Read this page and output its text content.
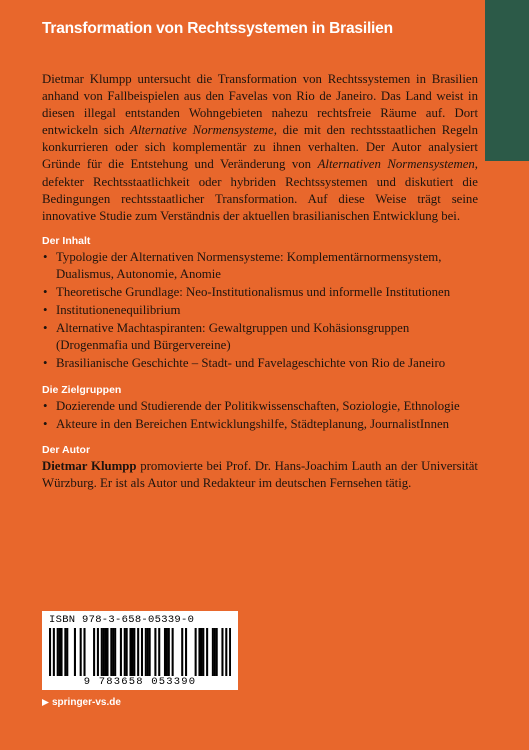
Transformation von Rechtssystemen in Brasilien

Dietmar Klumpp untersucht die Transformation von Rechtssystemen in Brasilien anhand von Fallbeispielen aus den Favelas von Rio de Janeiro. Das Land weist in diesen illegal entstanden Wohngebieten nahezu rechtsfreie Räume auf. Dort entwickeln sich Alternative Normensysteme, die mit den rechtsstaatlichen Regeln konkurrieren oder sich komplementär zu ihnen verhalten. Der Autor analysiert Gründe für die Entstehung und Veränderung von Alternativen Normensystemen, defekter Rechtsstaatlichkeit oder hybriden Rechtssystemen und diskutiert die Bedingungen rechtsstaatlicher Transformation. Auf diese Weise trägt seine innovative Studie zum Verständnis der aktuellen brasilianischen Entwicklung bei.

Der Inhalt
• Typologie der Alternativen Normensysteme: Komplementärnormensystem, Dualismus, Autonomie, Anomie
• Theoretische Grundlage: Neo-Institutionalismus und informelle Institutionen
• Institutionenequilibrium
• Alternative Machtaspiranten: Gewaltgruppen und Kohäsionsgruppen (Drogenmafia und Bürgervereine)
• Brasilianische Geschichte – Stadt- und Favelageschichte von Rio de Janeiro
Die Zielgruppen
• Dozierende und Studierende der Politikwissenschaften, Soziologie, Ethnologie
• Akteure in den Bereichen Entwicklungshilfe, Städteplanung, JournalistInnen
Der Autor

Dietmar Klumpp promovierte bei Prof. Dr. Hans-Joachim Lauth an der Universität Würzburg. Er ist als Autor und Redakteur im deutschen Fernsehen tätig.

ISBN 978-3-658-05339-0
9 783658 053390
springer-vs.de
